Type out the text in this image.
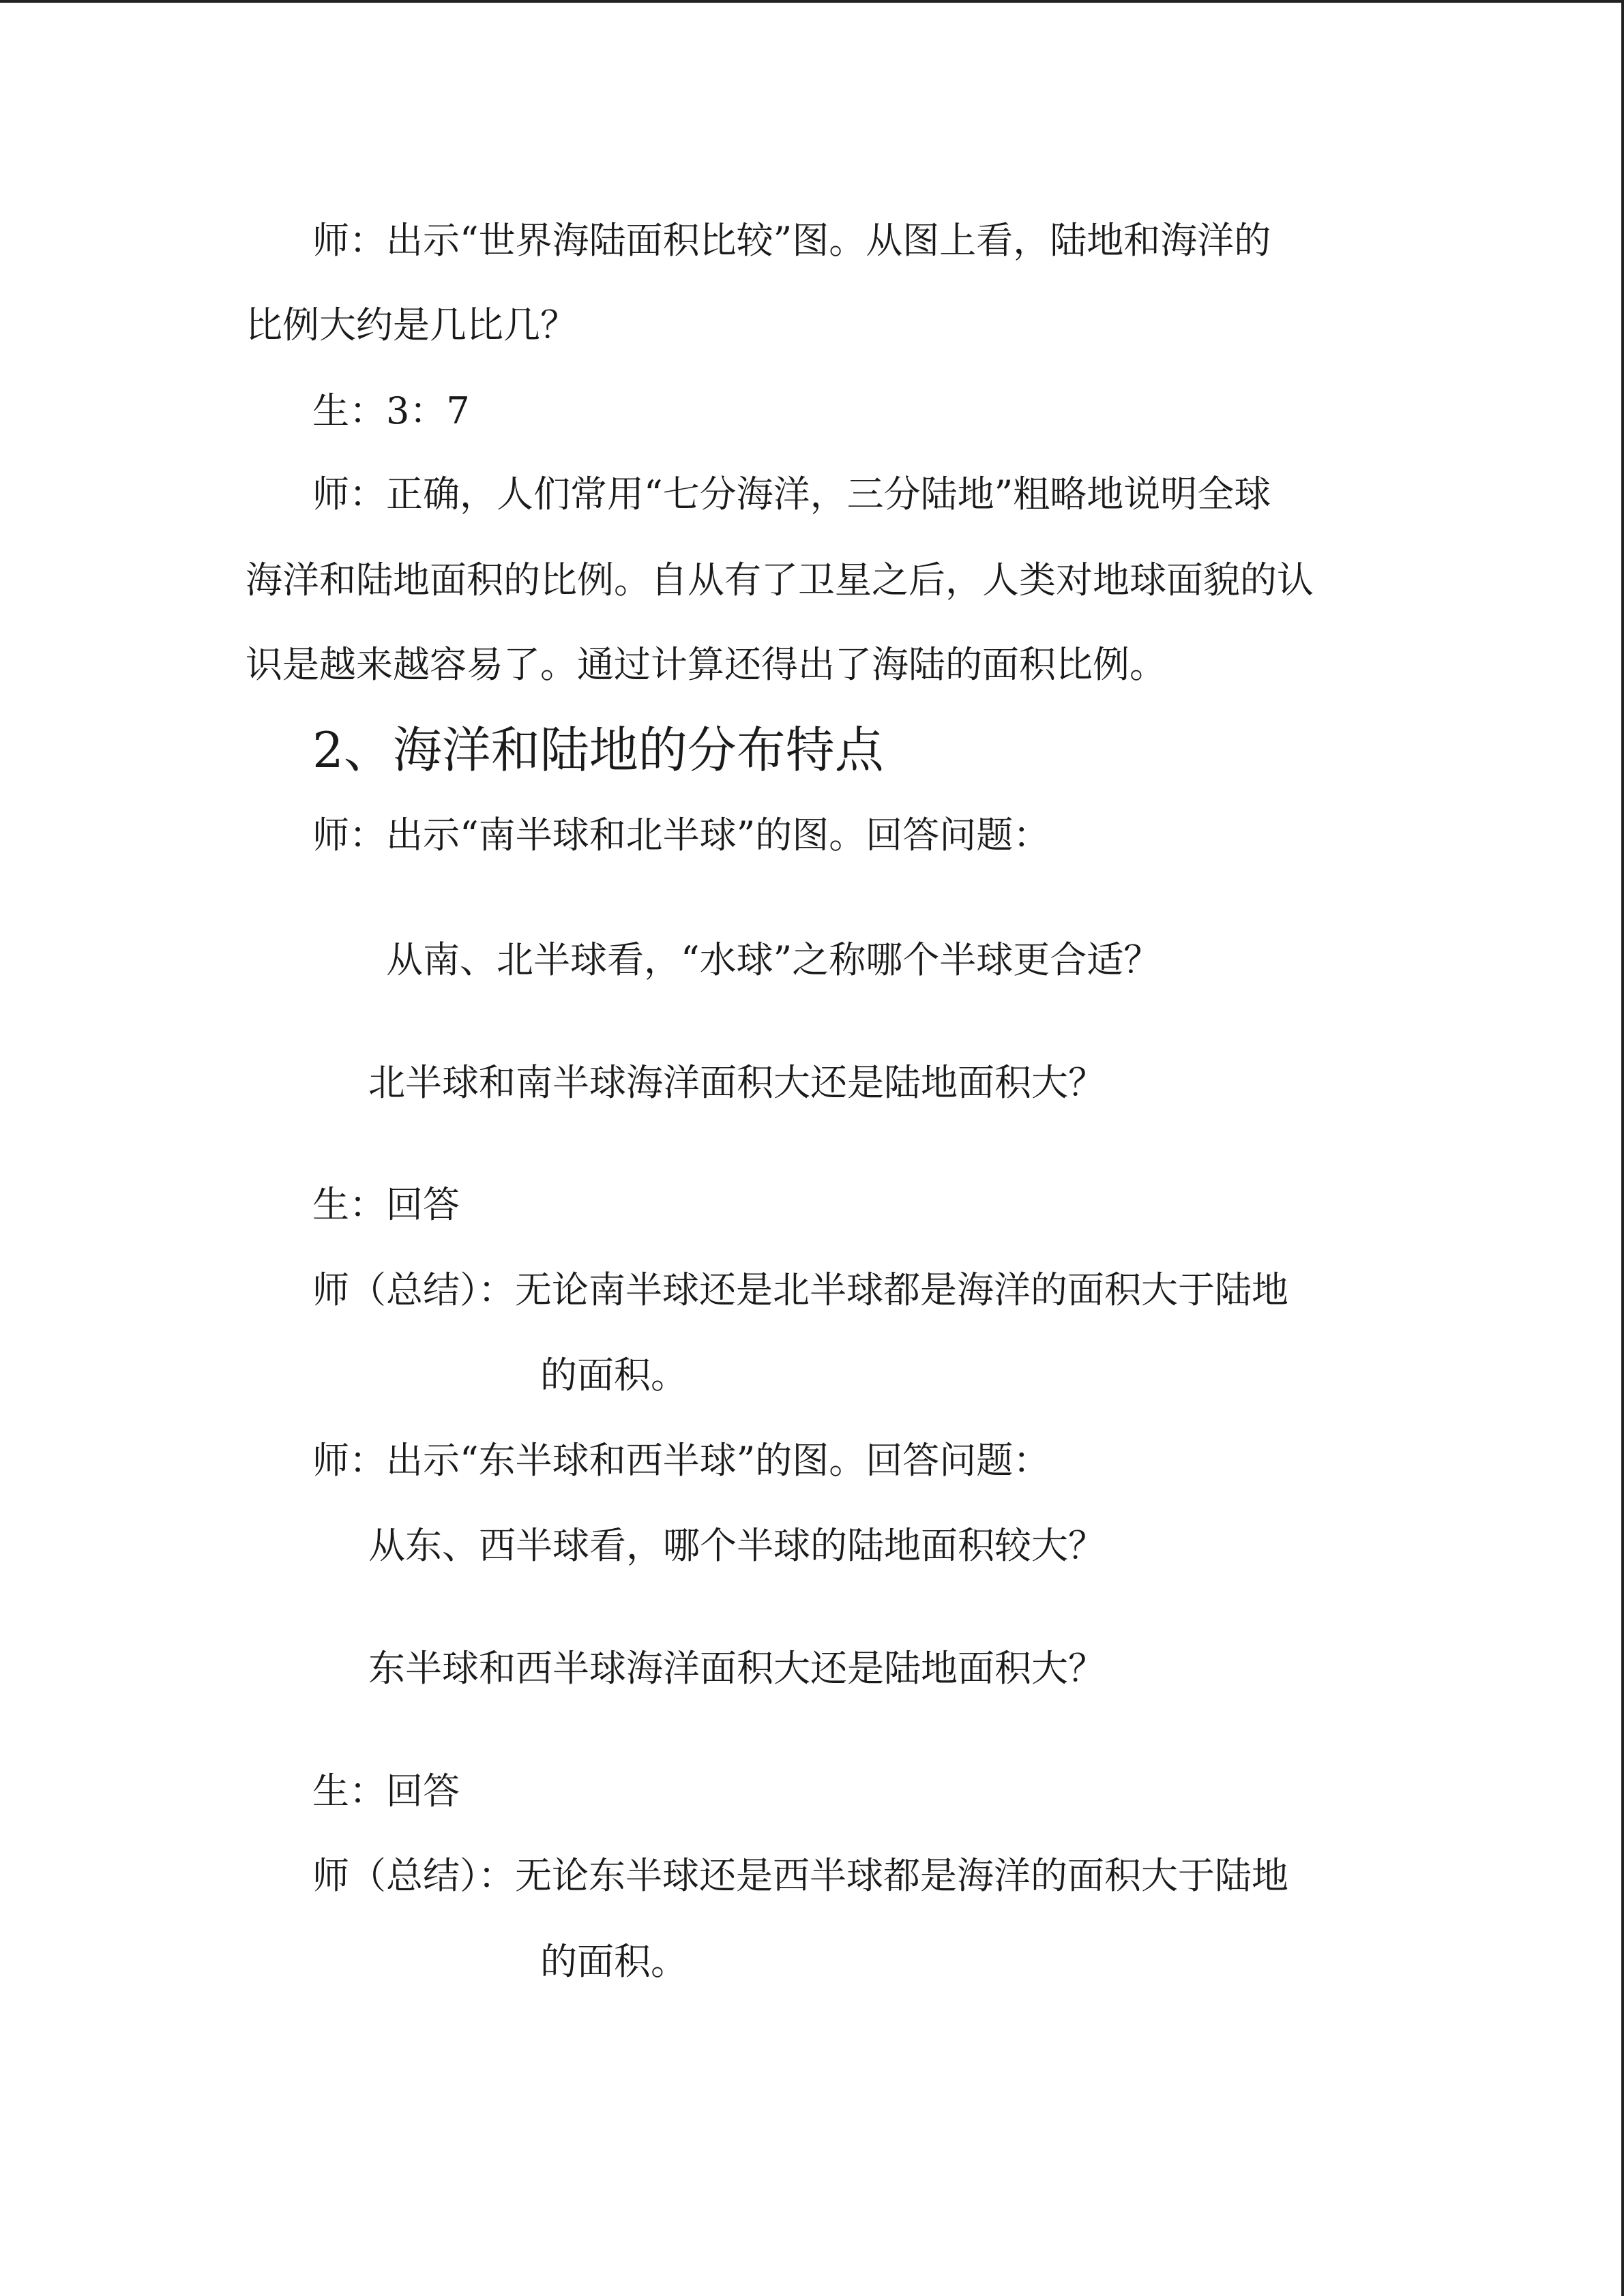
师：出示“世界海陆面积比较”图。从图上看，陆地和海洋的
比例大约是几比几？
生：3：7
师：正确，人们常用“七分海洋，三分陆地”粗略地说明全球
海洋和陆地面积的比例。自从有了卫星之后，人类对地球面貌的认
识是越来越容易了。通过计算还得出了海陆的面积比例。
2、海洋和陆地的分布特点
师：出示“南半球和北半球”的图。回答问题：
从南、北半球看，“水球”之称哪个半球更合适？
北半球和南半球海洋面积大还是陆地面积大？
生：回答
师（总结）：无论南半球还是北半球都是海洋的面积大于陆地
的面积。
师：出示“东半球和西半球”的图。回答问题：
从东、西半球看，哪个半球的陆地面积较大？
东半球和西半球海洋面积大还是陆地面积大？
生：回答
师（总结）：无论东半球还是西半球都是海洋的面积大于陆地
的面积。
